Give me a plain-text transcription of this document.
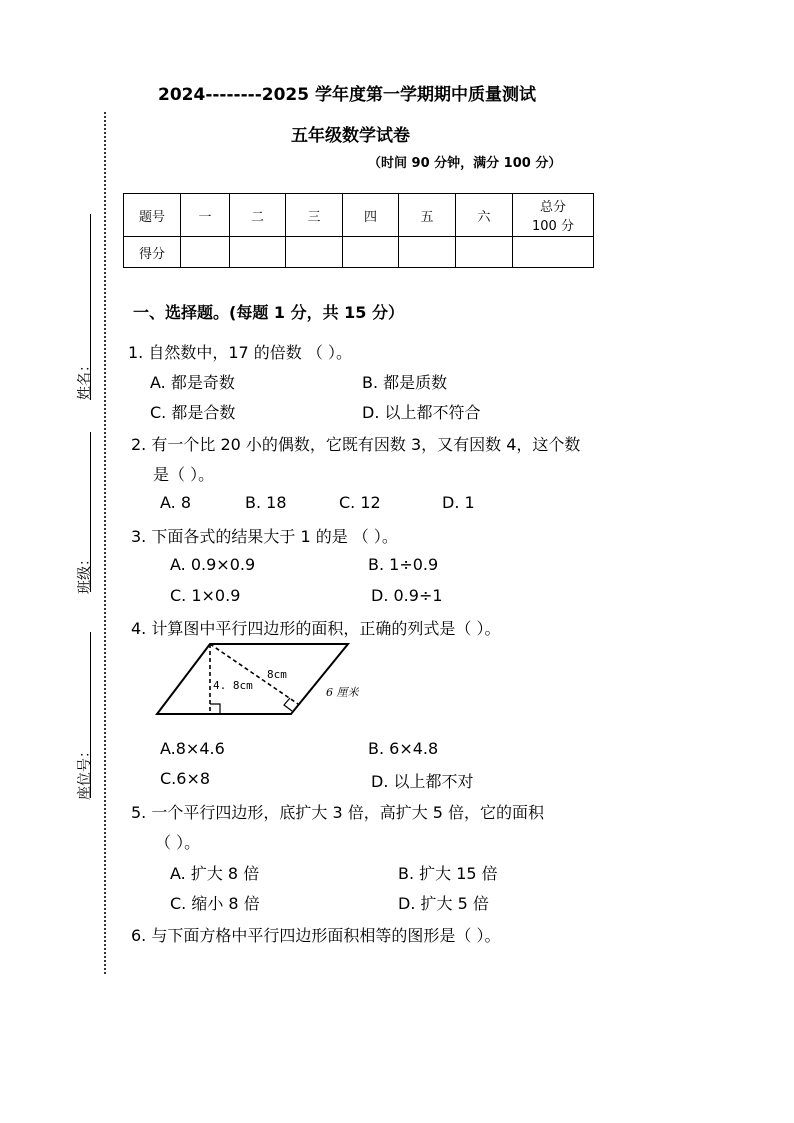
姓名：
班级：
座位号：
2024--------2025 学年度第一学期期中质量测试
五年级数学试卷
（时间 90 分钟，满分 100 分）
题号	一	二	三	四	五	六	总分
100 分

得分							
一、选择题。(每题 1 分，共 15 分）
1. 自然数中，17 的倍数 （ ）。
A. 都是奇数	B. 都是质数
C. 都是合数	D. 以上都不符合
2. 有一个比 20 小的偶数，它既有因数 3，又有因数 4，这个数
是（ ）。
A. 8	B. 18	C. 12	D. 1
3. 下面各式的结果大于 1 的是 （ ）。
A. 0.9×0.9	B. 1÷0.9
C. 1×0.9	D. 0.9÷1
4. 计算图中平行四边形的面积，正确的列式是（ ）。
8cm
4. 8cm
6 厘米
A.8×4.6	B. 6×4.8
C.6×8	D. 以上都不对
5. 一个平行四边形，底扩大 3 倍，高扩大 5 倍，它的面积
（ ）。
A. 扩大 8 倍	B. 扩大 15 倍
C. 缩小 8 倍	D. 扩大 5 倍
6. 与下面方格中平行四边形面积相等的图形是（ ）。
